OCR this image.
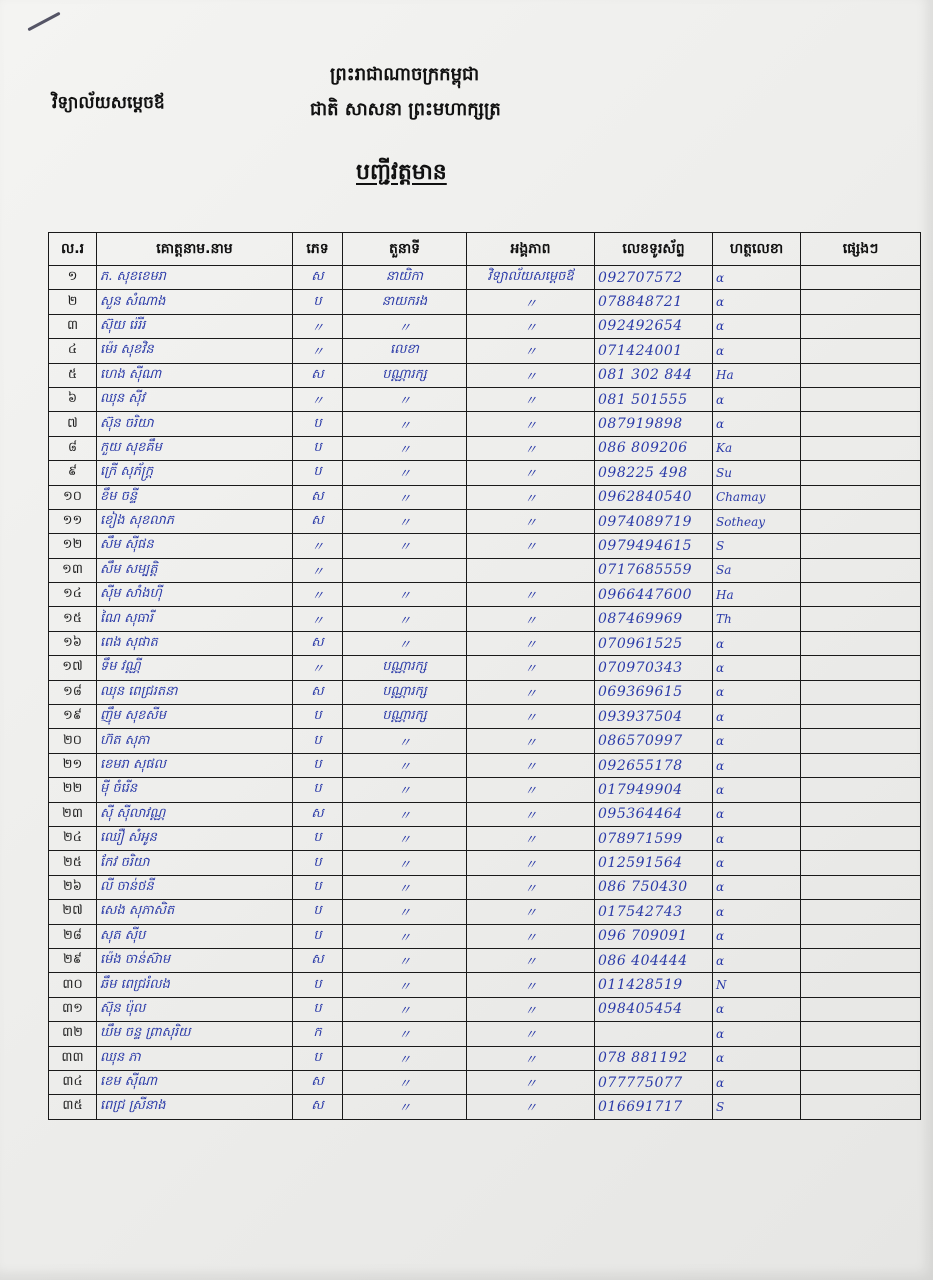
ព្រះរាជាណាចក្រកម្ពុជា
ជាតិ សាសនា ព្រះមហាក្សត្រ
វិទ្យាល័យសម្តេចឪ
បញ្ជីវត្តមាន
ល.រ	គោត្តនាម.នាម	ភេទ	តួនាទី	អង្គភាព	លេខទូរស័ព្ទ	ហត្ថលេខា	ផ្សេងៗ
១	ភ. សុខខេមរា	ស	នាយិកា	វិទ្យាល័យសម្តេចឪ	092707572	ɑ	
២	សួន សំណាង	ប	នាយករង	〃	078848721	ɑ	
៣	ស៊ុយ រ៉េរីរ	〃	〃	〃	092492654	ɑ	
៤	ម៉េរ សុខវិន	〃	លេខា	〃	071424001	ɑ	
៥	ហេង ស៊ីណា	ស	បណ្ណារក្ស	〃	081 302 844	Ha	
៦	ឈុន ស៊ីវ	〃	〃	〃	081 501555	ɑ	
៧	ស៊ុន ចរិយា	ប	〃	〃	087919898	ɑ	
៨	កួយ សុខគឹម	ប	〃	〃	086 809206	Ka	
៩	ក្រើ សុភ័ក្ត្រ	ប	〃	〃	098225 498	Su	
១០	ខឹម ចន្ទី	ស	〃	〃	0962840540	Chamay	
១១	ខៀង សុខលាភ	ស	〃	〃	0974089719	Sotheay	
១២	សឹម ស៊ីផន	〃	〃	〃	0979494615	S	
១៣	សឹម សម្បត្តិ	〃			0717685559	Sa	
១៤	ស៊ីម សាំងហ៊ី	〃	〃	〃	0966447600	Ha	
១៥	ណៃ សុធារី	〃	〃	〃	087469969	Th	
១៦	ពេង សុផាត	ស	〃	〃	070961525	ɑ	
១៧	ទឹម វណ្ណី	〃	បណ្ណារក្ស	〃	070970343	ɑ	
១៨	ឈុន ពេជ្ររតនា	ស	បណ្ណារក្ស	〃	069369615	ɑ	
១៩	ញ៉ឹម សុខសីម	ប	បណ្ណារក្ស	〃	093937504	ɑ	
២០	ហ៊ត សុភា	ប	〃	〃	086570997	ɑ	
២១	ខេមរា សុផល	ប	〃	〃	092655178	ɑ	
២២	ម៉ី ចំរើន	ប	〃	〃	017949904	ɑ	
២៣	ស៊ី ស៊ីលាវណ្ណ	ស	〃	〃	095364464	ɑ	
២៤	ឈឿ សំអូន	ប	〃	〃	078971599	ɑ	
២៥	កែវ ចរិយា	ប	〃	〃	012591564	ɑ	
២៦	លី ចាន់ថនី	ប	〃	〃	086 750430	ɑ	
២៧	សេង សុភាសិត	ប	〃	〃	017542743	ɑ	
២៨	សុត ស៊ីប	ប	〃	〃	096 709091	ɑ	
២៩	ម៉េង ចាន់ស៊ាម	ស	〃	〃	086 404444	ɑ	
៣០	ឆឹម ពេជ្ររំលង	ប	〃	〃	011428519	N	
៣១	ស៊ុន ប៉ុល	ប	〃	〃	098405454	ɑ	
៣២	ឃឹម ចន្ទ ព្រាសុរិយ	ក	〃	〃		ɑ	
៣៣	ឈុន ភា	ប	〃	〃	078 881192	ɑ	
៣៤	ខេម ស៊ីណា	ស	〃	〃	077775077	ɑ	
៣៥	ពេជ្រ ស្រីនាង	ស	〃	〃	016691717	S	
